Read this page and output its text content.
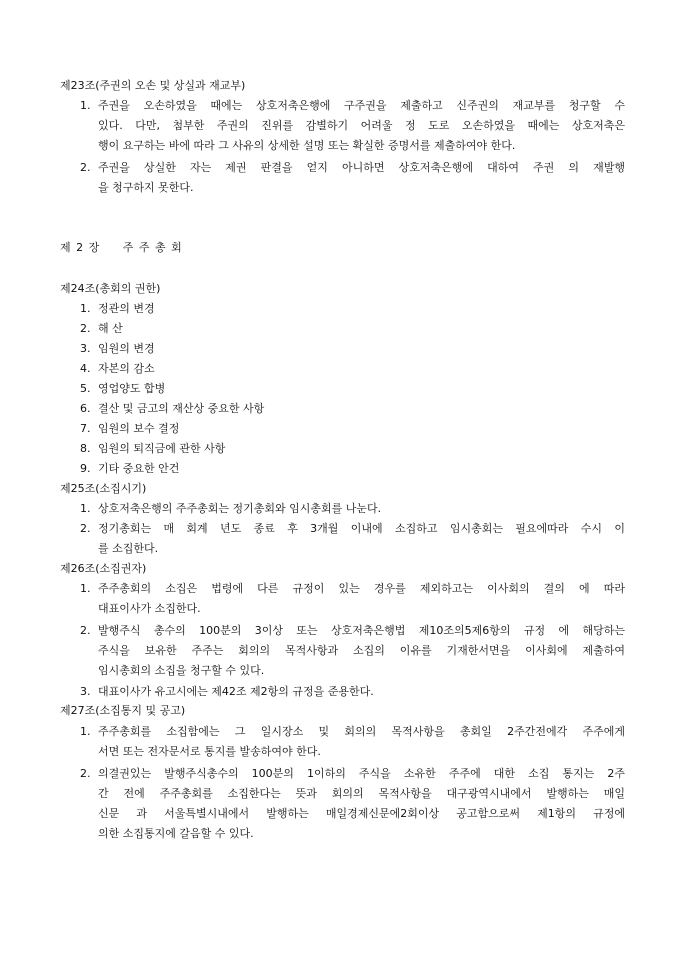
제23조(주권의 오손 및 상실과 재교부)
1. 주권을 오손하였을 때에는 상호저축은행에 구주권을 제출하고 신주권의 재교부를 청구할 수
있다. 다만, 첨부한 주권의 진위를 감별하기 어려울 정 도로 오손하였을 때에는 상호저축은
행이 요구하는 바에 따라 그 사유의 상세한 설명 또는 확실한 증명서를 제출하여야 한다.
2. 주권을 상실한 자는 제권 판결을 얻지 아니하면 상호저축은행에 대하여 주권 의 재발행
을 청구하지 못한다.
제 2 장 주 주 총 회
제24조(총회의 권한)
1. 정관의 변경
2. 해 산
3. 임원의 변경
4. 자본의 감소
5. 영업양도 합병
6. 결산 및 금고의 재산상 중요한 사항
7. 임원의 보수 결정
8. 임원의 퇴직금에 관한 사항
9. 기타 중요한 안건
제25조(소집시기)
1. 상호저축은행의 주주총회는 정기총회와 임시총회를 나눈다.
2. 정기총회는 매 회계 년도 종료 후 3개월 이내에 소집하고 임시총회는 필요에따라 수시 이
를 소집한다.
제26조(소집권자)
1. 주주총회의 소집은 법령에 다른 규정이 있는 경우를 제외하고는 이사회의 결의 에 따라
대표이사가 소집한다.
2. 발행주식 총수의 100분의 3이상 또는 상호저축은행법 제10조의5제6항의 규정 에 해당하는
주식을 보유한 주주는 회의의 목적사항과 소집의 이유를 기재한서면을 이사회에 제출하여
임시총회의 소집을 청구할 수 있다.
3. 대표이사가 유고시에는 제42조 제2항의 규정을 준용한다.
제27조(소집통지 및 공고)
1. 주주총회를 소집함에는 그 일시장소 및 회의의 목적사항을 총회일 2주간전에각 주주에게
서면 또는 전자문서로 통지를 발송하여야 한다.
2. 의결권있는 발행주식총수의 100분의 1이하의 주식을 소유한 주주에 대한 소집 통지는 2주
간 전에 주주총회를 소집한다는 뜻과 회의의 목적사항을 대구광역시내에서 발행하는 매일
신문 과 서울특별시내에서 발행하는 매일경제신문에2회이상 공고함으로써 제1항의 규정에
의한 소집통지에 갈음할 수 있다.
